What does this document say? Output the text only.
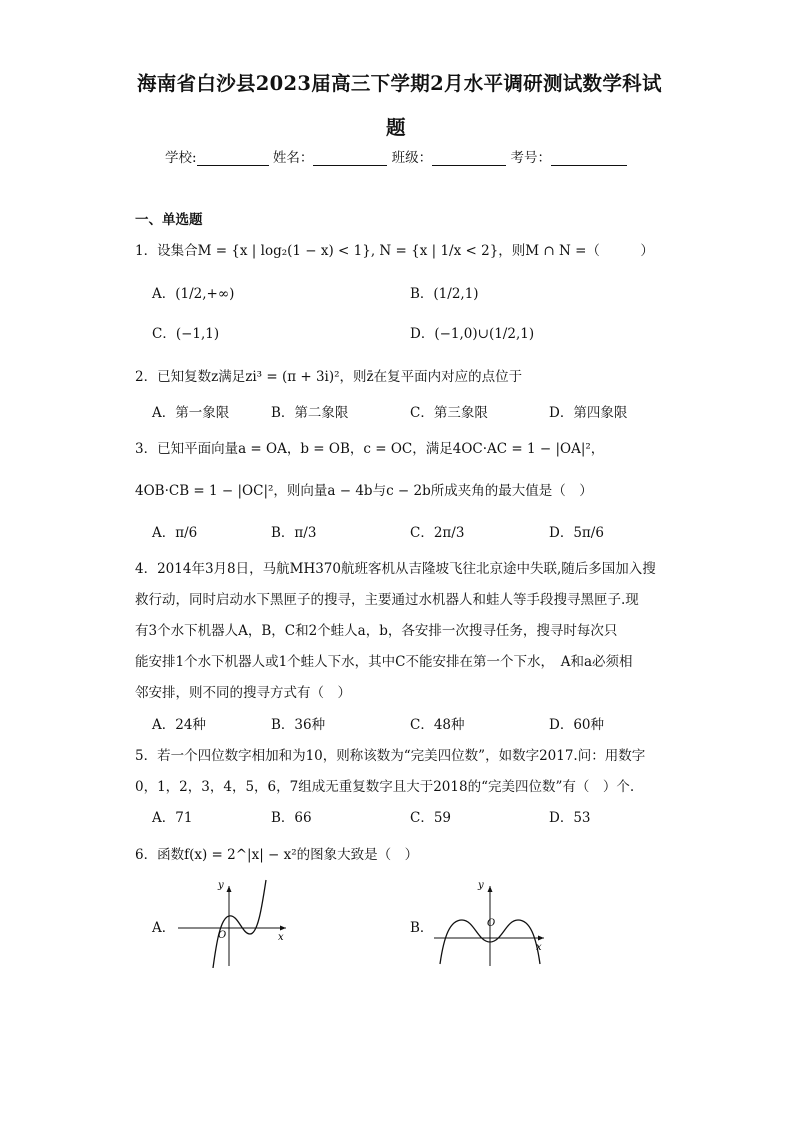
海南省白沙县2023届高三下学期2月水平调研测试数学科试
题
学校:	姓名：	班级：	考号：
一、单选题
1．设集合M = {x | log₂(1 − x) < 1}, N = {x | 1/x < 2}，则M ∩ N =（　　　）
A．(1/2,+∞)	B．(1/2,1)
C．(−1,1)	D．(−1,0)∪(1/2,1)
2．已知复数z满足zi³ = (π + 3i)²，则z̄在复平面内对应的点位于
A．第一象限	B．第二象限	C．第三象限	D．第四象限
3．已知平面向量a = OA，b = OB，c = OC，满足4OC·AC = 1 − |OA|²，
4OB·CB = 1 − |OC|²，则向量a − 4b与c − 2b所成夹角的最大值是（　）
A．π/6	B．π/3	C．2π/3	D．5π/6
4．2014年3月8日，马航MH370航班客机从吉隆坡飞往北京途中失联,随后多国加入搜
救行动，同时启动水下黑匣子的搜寻，主要通过水机器人和蛙人等手段搜寻黑匣子.现
有3个水下机器人A，B，C和2个蛙人a，b，各安排一次搜寻任务，搜寻时每次只
能安排1个水下机器人或1个蛙人下水，其中C不能安排在第一个下水，　A和a必须相
邻安排，则不同的搜寻方式有（　）
A．24种	B．36种	C．48种	D．60种
5．若一个四位数字相加和为10，则称该数为“完美四位数”，如数字2017.问：用数字
0，1，2，3，4，5，6，7组成无重复数字且大于2018的“完美四位数”有（　）个.
A．71	B．66	C．59	D．53
6．函数f(x) = 2^|x| − x²的图象大致是（　）
A．	B．
y
x
O
y
x
O
